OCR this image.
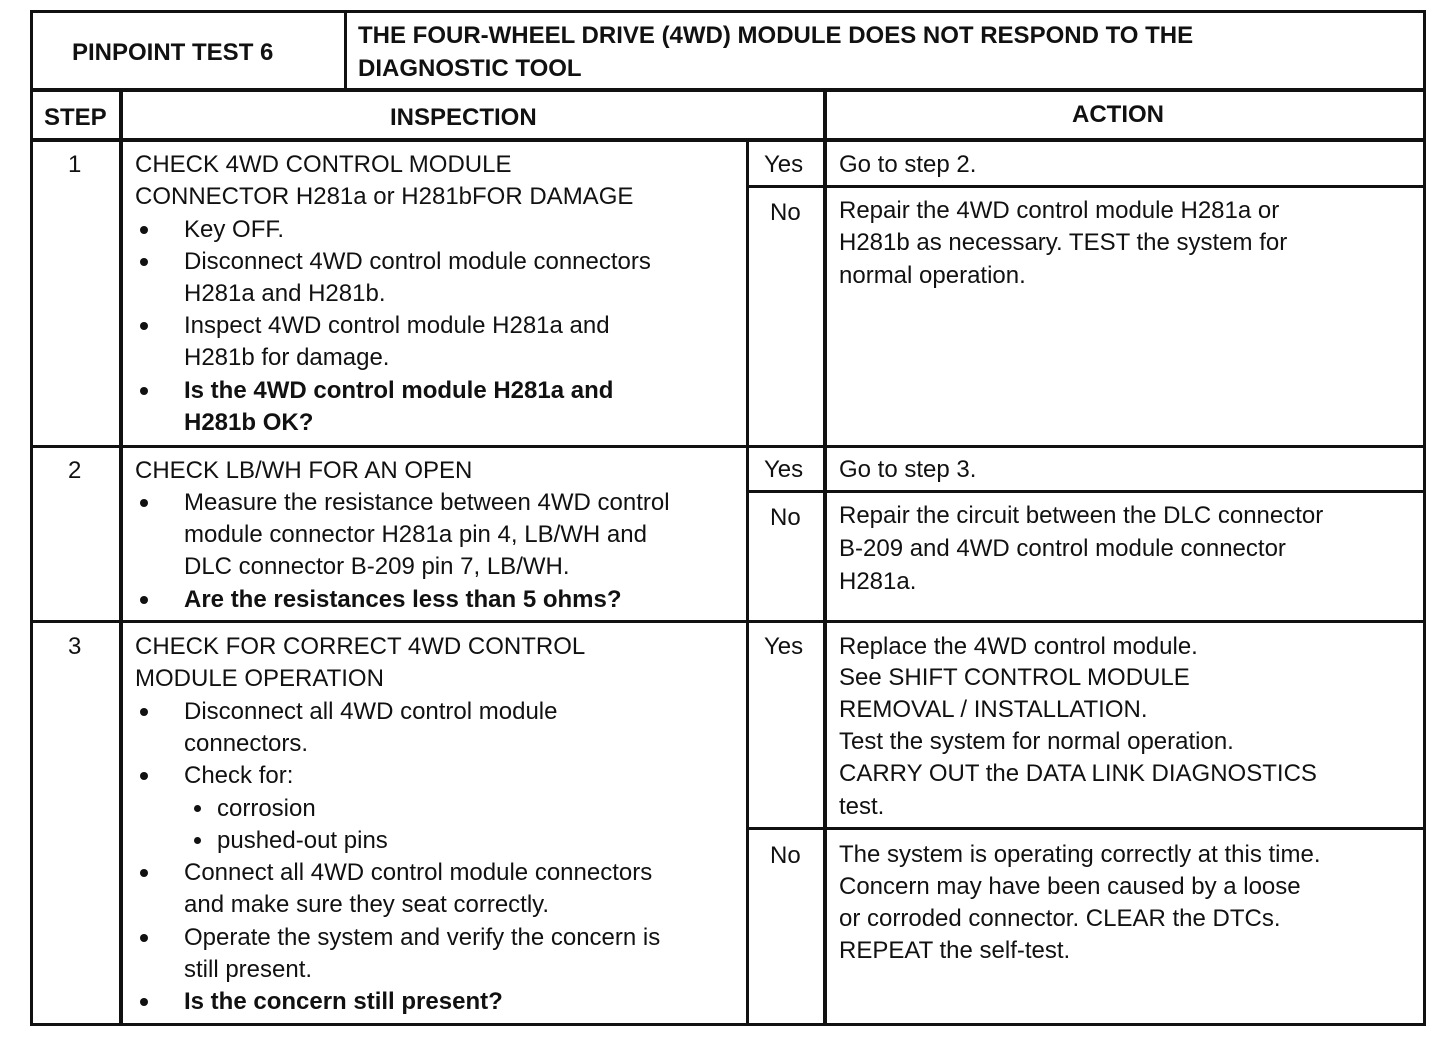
PINPOINT TEST 6
THE FOUR-WHEEL DRIVE (4WD) MODULE DOES NOT RESPOND TO THE
DIAGNOSTIC TOOL
STEP	INSPECTION	ACTION
1 CHECK 4WD CONTROL MODULE
CONNECTOR H281a or H281bFOR DAMAGE
Key OFF.
Disconnect 4WD control module connectors
H281a and H281b.
Inspect 4WD control module H281a and
H281b for damage.
Is the 4WD control module H281a and
H281b OK?
Yes Go to step 2.
No Repair the 4WD control module H281a or
H281b as necessary. TEST the system for
normal operation.
2 CHECK LB/WH FOR AN OPEN
Measure the resistance between 4WD control
module connector H281a pin 4, LB/WH and
DLC connector B-209 pin 7, LB/WH.
Are the resistances less than 5 ohms?
Yes Go to step 3.
No Repair the circuit between the DLC connector
B-209 and 4WD control module connector
H281a.
3 CHECK FOR CORRECT 4WD CONTROL
MODULE OPERATION
Disconnect all 4WD control module
connectors.
Check for:
corrosion
pushed-out pins
Connect all 4WD control module connectors
and make sure they seat correctly.
Operate the system and verify the concern is
still present.
Is the concern still present?
Yes Replace the 4WD control module.
See SHIFT CONTROL MODULE
REMOVAL / INSTALLATION.
Test the system for normal operation.
CARRY OUT the DATA LINK DIAGNOSTICS
test.
No The system is operating correctly at this time.
Concern may have been caused by a loose
or corroded connector. CLEAR the DTCs.
REPEAT the self-test.
